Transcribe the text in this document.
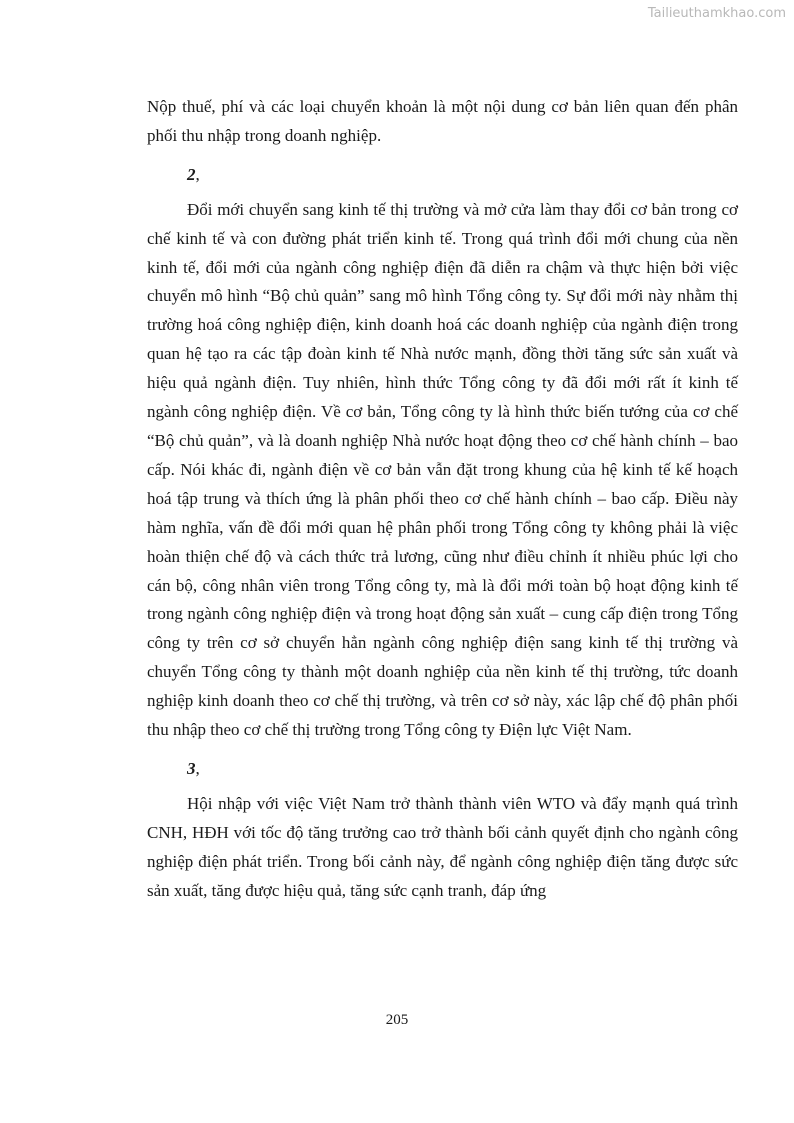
Tailieuthamkhao.com

Nộp thuế, phí và các loại chuyển khoản là một nội dung cơ bản liên quan đến phân phối thu nhập trong doanh nghiệp.

2,

Đổi mới chuyển sang kinh tế thị trường và mở cửa làm thay đổi cơ bản trong cơ chế kinh tế và con đường phát triển kinh tế. Trong quá trình đổi mới chung của nền kinh tế, đổi mới của ngành công nghiệp điện đã diễn ra chậm và thực hiện bởi việc chuyển mô hình “Bộ chủ quản” sang mô hình Tổng công ty. Sự đổi mới này nhằm thị trường hoá công nghiệp điện, kinh doanh hoá các doanh nghiệp của ngành điện trong quan hệ tạo ra các tập đoàn kinh tế Nhà nước mạnh, đồng thời tăng sức sản xuất và hiệu quả ngành điện. Tuy nhiên, hình thức Tổng công ty đã đổi mới rất ít kinh tế ngành công nghiệp điện. Về cơ bản, Tổng công ty là hình thức biến tướng của cơ chế “Bộ chủ quản”, và là doanh nghiệp Nhà nước hoạt động theo cơ chế hành chính – bao cấp. Nói khác đi, ngành điện về cơ bản vẫn đặt trong khung của hệ kinh tế kế hoạch hoá tập trung và thích ứng là phân phối theo cơ chế hành chính – bao cấp. Điều này hàm nghĩa, vấn đề đổi mới quan hệ phân phối trong Tổng công ty không phải là việc hoàn thiện chế độ và cách thức trả lương, cũng như điều chỉnh ít nhiều phúc lợi cho cán bộ, công nhân viên trong Tổng công ty, mà là đổi mới toàn bộ hoạt động kinh tế trong ngành công nghiệp điện và trong hoạt động sản xuất – cung cấp điện trong Tổng công ty trên cơ sở chuyển hẳn ngành công nghiệp điện sang kinh tế thị trường và chuyển Tổng công ty thành một doanh nghiệp của nền kinh tế thị trường, tức doanh nghiệp kinh doanh theo cơ chế thị trường, và trên cơ sở này, xác lập chế độ phân phối thu nhập theo cơ chế thị trường trong Tổng công ty Điện lực Việt Nam.

3,

Hội nhập với việc Việt Nam trở thành thành viên WTO và đẩy mạnh quá trình CNH, HĐH với tốc độ tăng trưởng cao trở thành bối cảnh quyết định cho ngành công nghiệp điện phát triển. Trong bối cảnh này, để ngành công nghiệp điện tăng được sức sản xuất, tăng được hiệu quả, tăng sức cạnh tranh, đáp ứng

205
